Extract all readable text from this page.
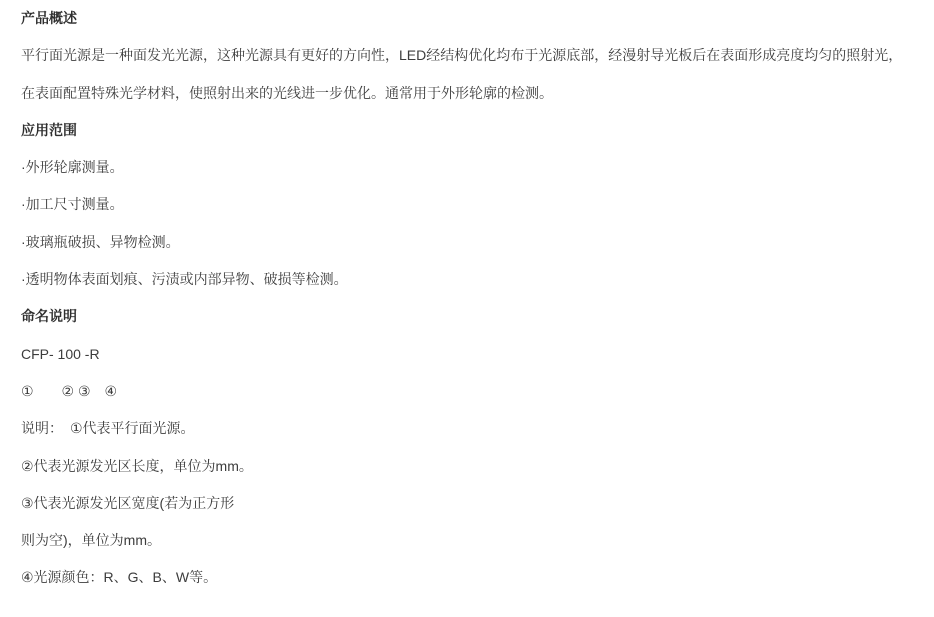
产品概述

平行面光源是一种面发光光源，这种光源具有更好的方向性，LED经结构优化均布于光源底部，经漫射导光板后在表面形成亮度均匀的照射光，

在表面配置特殊光学材料，使照射出来的光线进一步优化。通常用于外形轮廓的检测。

应用范围

·外形轮廓测量。

·加工尺寸测量。

·玻璃瓶破损、异物检测。

·透明物体表面划痕、污渍或内部异物、破损等检测。

命名说明

CFP- 100 -R

①　　② ③　④

说明：　①代表平行面光源。

②代表光源发光区长度，单位为mm。

③代表光源发光区宽度(若为正方形

则为空)，单位为mm。

④光源颜色：R、G、B、W等。
